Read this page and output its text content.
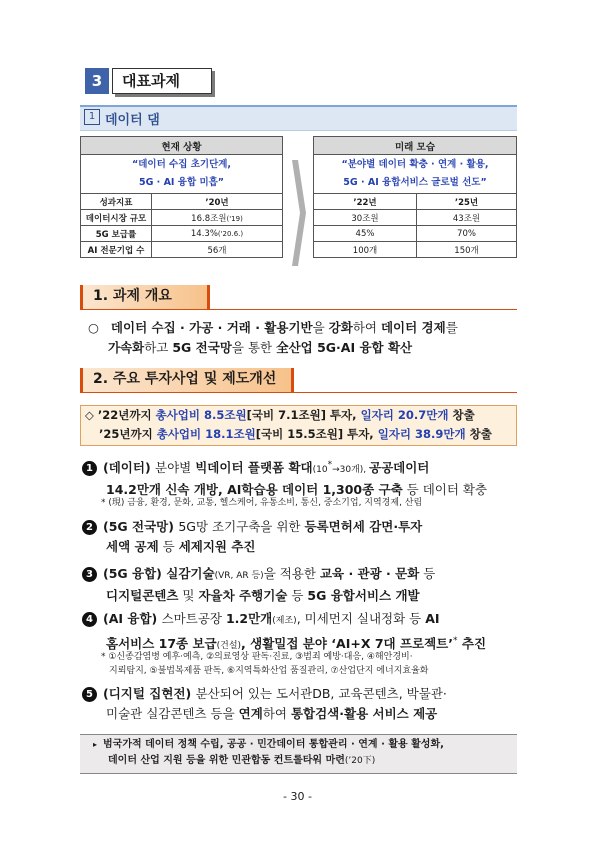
3	대표과제
1 데이터 댐
현재 상황	
“데이터 수집 초기단계,
5G · AI 융합 미흡”	
성과지표	’20년
데이터시장 규모	16.8조원('19)
5G 보급률	14.3%('20.6.)
AI 전문기업 수	56개
미래 모습	
“분야별 데이터 확충 · 연계 · 활용,
5G · AI 융합서비스 글로벌 선도”	
’22년	’25년
30조원	43조원
45%	70%
100개	150개
1. 과제 개요
○ 데이터 수집 · 가공 · 거래 · 활용기반을 강화하여 데이터 경제를
가속화하고 5G 전국망을 통한 全산업 5G·AI 융합 확산
2. 주요 투자사업 및 제도개선
◇ ’22년까지 총사업비 8.5조원[국비 7.1조원] 투자, 일자리 20.7만개 창출
’25년까지 총사업비 18.1조원[국비 15.5조원] 투자, 일자리 38.9만개 창출
1 (데이터) 분야별 빅데이터 플랫폼 확대(10*→30개), 공공데이터
14.2만개 신속 개방, AI학습용 데이터 1,300종 구축 등 데이터 확충
* (現) 금융, 환경, 문화, 교통, 헬스케어, 유통소비, 통신, 중소기업, 지역경제, 산림
2 (5G 전국망) 5G망 조기구축을 위한 등록면허세 감면·투자
세액 공제 등 세제지원 추진
3 (5G 융합) 실감기술(VR, AR 등)을 적용한 교육 · 관광 · 문화 등
디지털콘텐츠 및 자율차 주행기술 등 5G 융합서비스 개발
4 (AI 융합) 스마트공장 1.2만개(제조), 미세먼지 실내정화 등 AI
홈서비스 17종 보급(건설), 생활밀접 분야 ‘AI+X 7대 프로젝트’* 추진
* ①신종감염병 예후·예측, ②의료영상 판독·진료, ③범죄 예방·대응, ④해안경비·
지뢰탐지, ⑤불법복제품 판독, ⑥지역특화산업 품질관리, ⑦산업단지 에너지효율화
5 (디지털 집현전) 분산되어 있는 도서관DB, 교육콘텐츠, 박물관·
미술관 실감콘텐츠 등을 연계하여 통합검색·활용 서비스 제공
▸ 범국가적 데이터 정책 수립, 공공 · 민간데이터 통합관리 · 연계 · 활용 활성화,
데이터 산업 지원 등을 위한 민관합동 컨트롤타워 마련(’20下)
- 30 -
